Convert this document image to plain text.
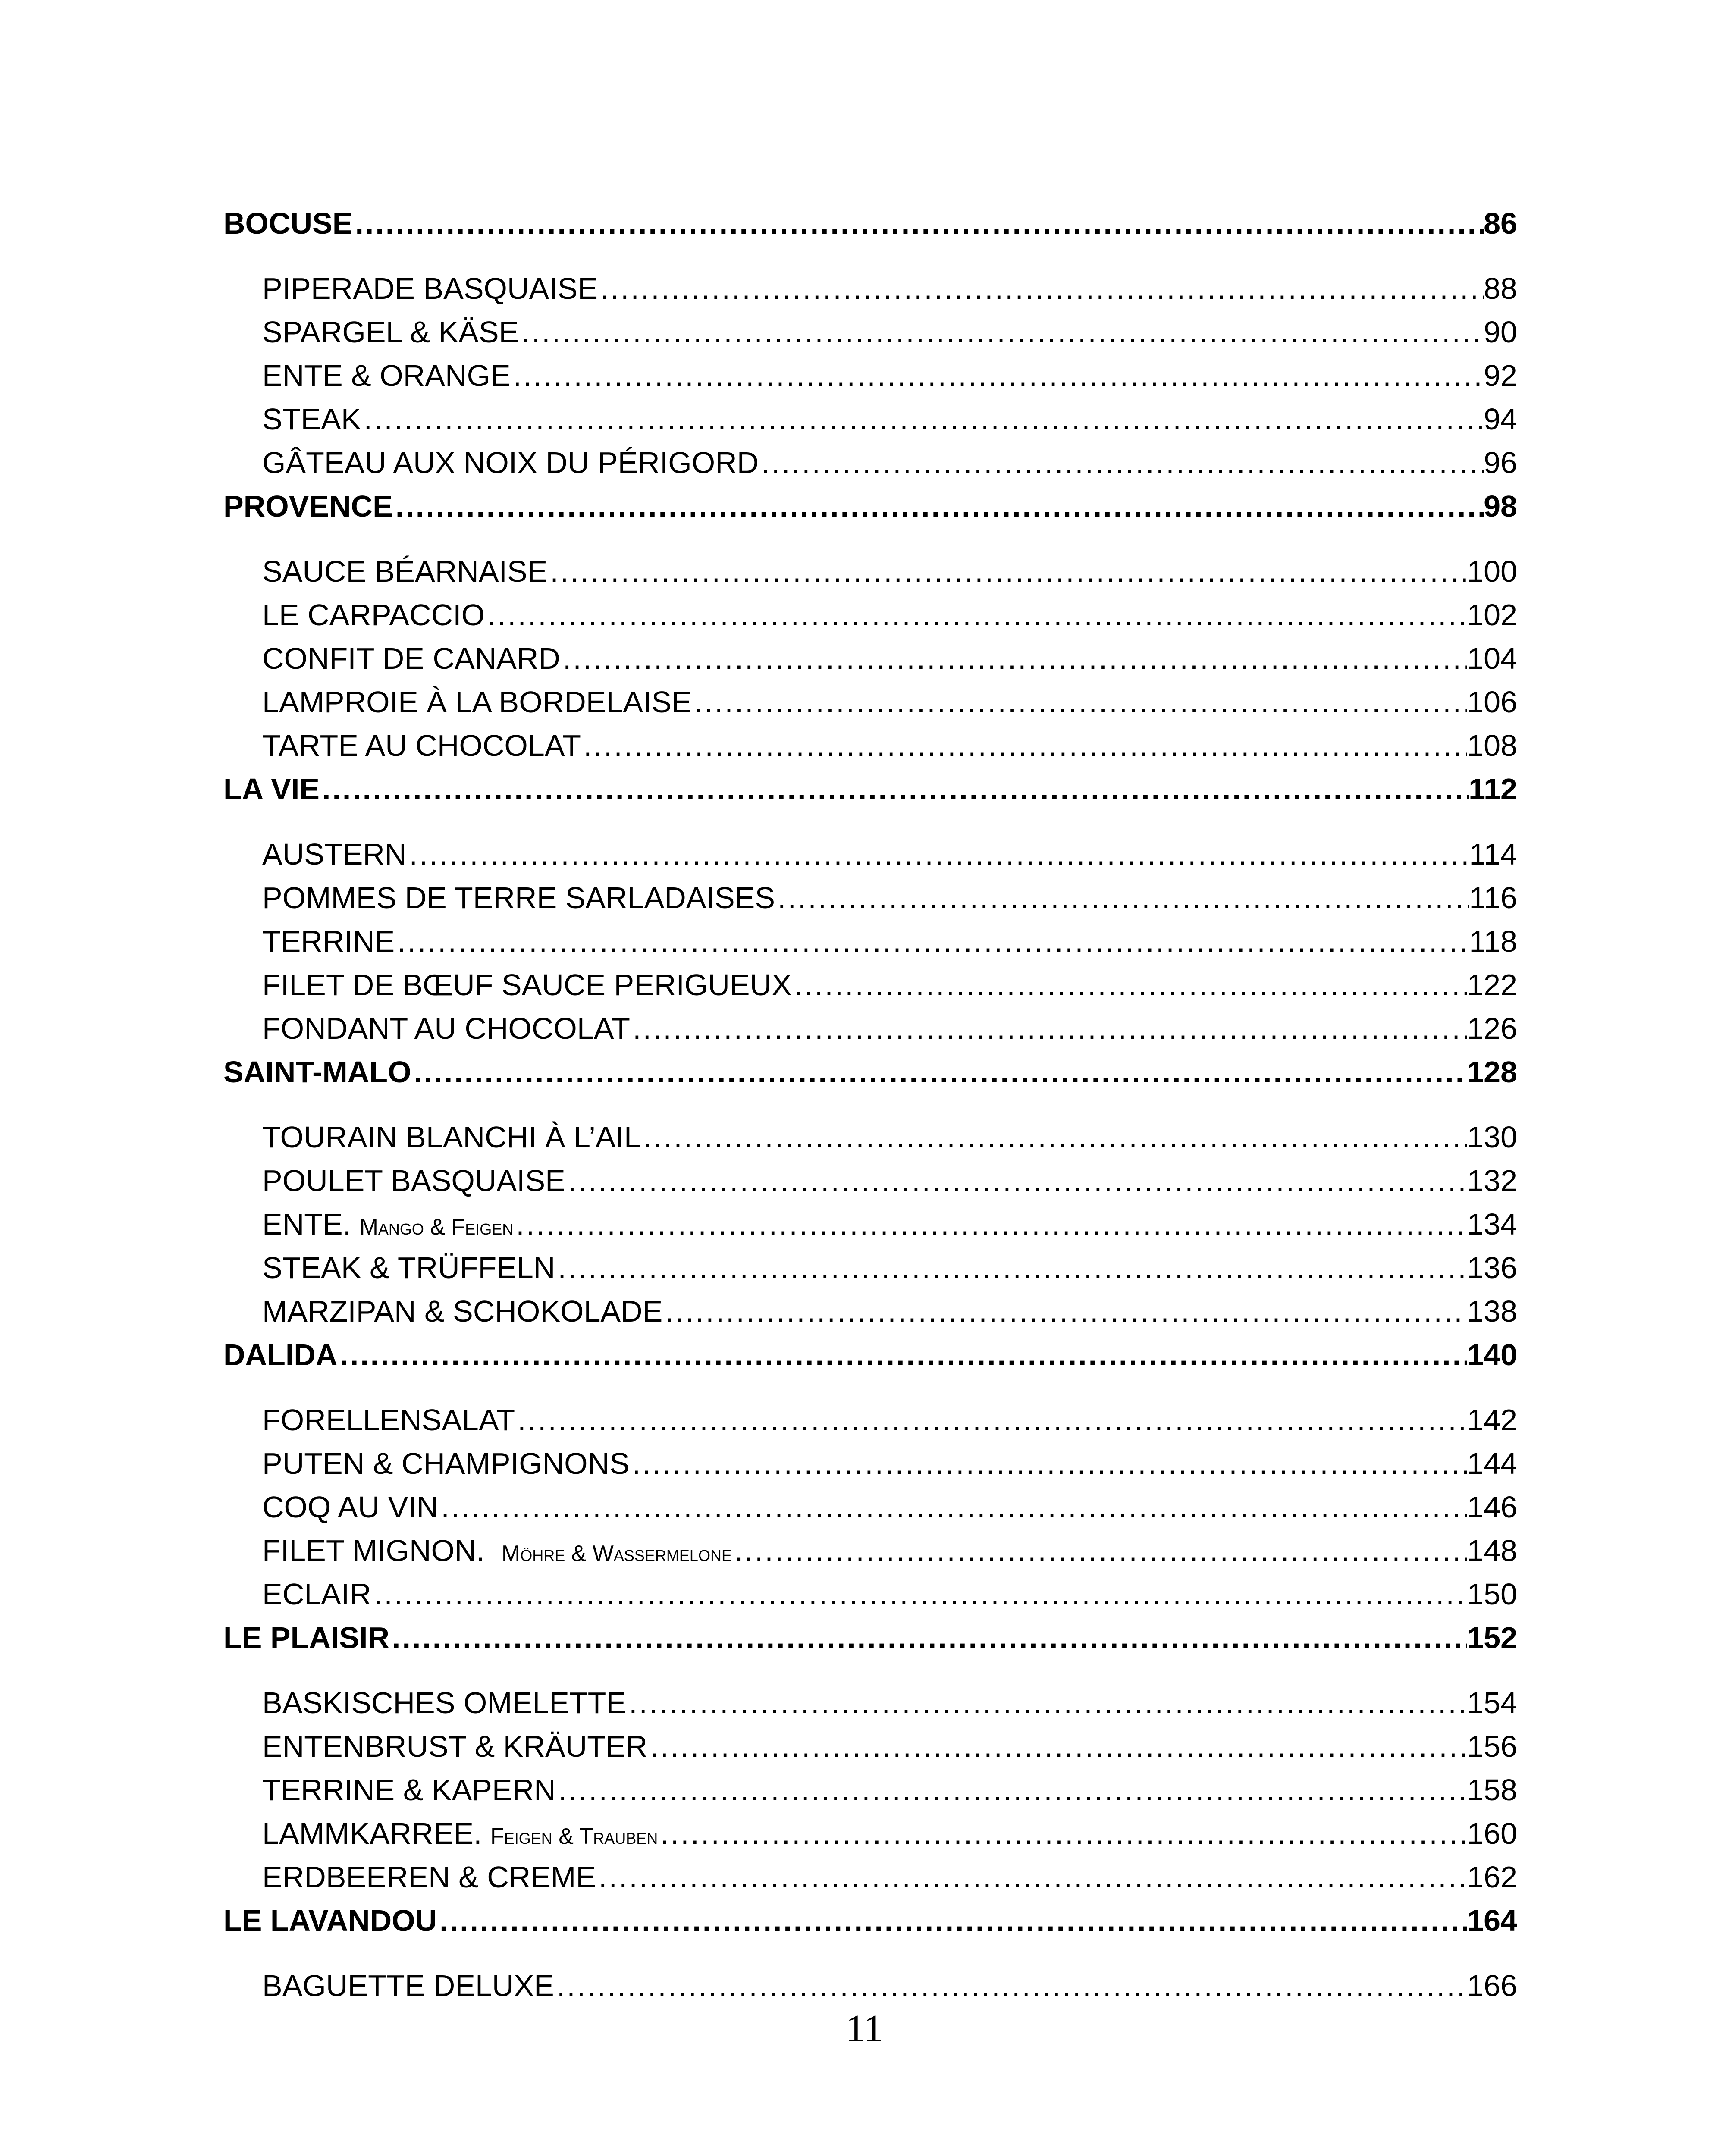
BOCUSE .....	86
PIPERADE BASQUAISE .....	88
SPARGEL & KÄSE .....	90
ENTE & ORANGE .....	92
STEAK .....	94
GÂTEAU AUX NOIX DU PÉRIGORD .....	96
PROVENCE .....	98
SAUCE BÉARNAISE .....	100
LE CARPACCIO .....	102
CONFIT DE CANARD .....	104
LAMPROIE À LA BORDELAISE .....	106
TARTE AU CHOCOLAT .....	108
LA VIE .....	112
AUSTERN .....	114
POMMES DE TERRE SARLADAISES .....	116
TERRINE .....	118
FILET DE BŒUF SAUCE PERIGUEUX .....	122
FONDANT AU CHOCOLAT .....	126
SAINT-MALO .....	128
TOURAIN BLANCHI À L’AIL .....	130
POULET BASQUAISE .....	132
ENTE. Mango & Feigen .....	134
STEAK & TRÜFFELN .....	136
MARZIPAN & SCHOKOLADE .....	138
DALIDA .....	140
FORELLENSALAT .....	142
PUTEN & CHAMPIGNONS .....	144
COQ AU VIN .....	146
FILET MIGNON. Möhre & Wassermelone .....	148
ECLAIR .....	150
LE PLAISIR .....	152
BASKISCHES OMELETTE .....	154
ENTENBRUST & KRÄUTER .....	156
TERRINE & KAPERN .....	158
LAMMKARREE. Feigen & Trauben .....	160
ERDBEEREN & CREME .....	162
LE LAVANDOU .....	164
BAGUETTE DELUXE .....	166
11
